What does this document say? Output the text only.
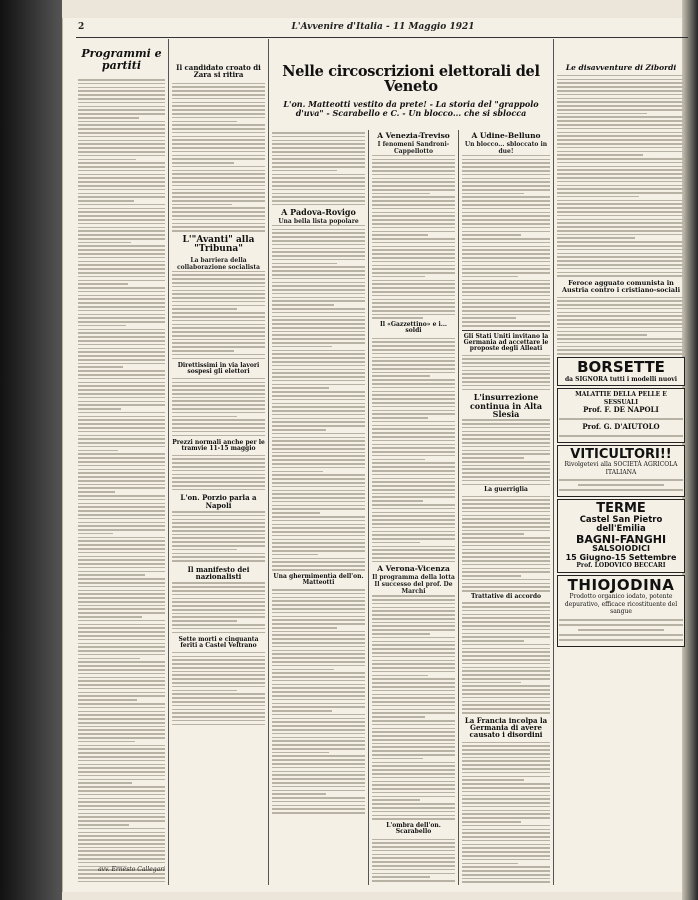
2	L'Avvenire d'Italia - 11 Maggio 1921
Programmi e partiti	Il candidato croato di Zara si ritira
L'"Avanti" alla "Tribuna"
La barriera della collaborazione socialista
Direttissimi in via lavori sospesi gli elettori
Prezzi normali anche per le tramvie 11-15 maggio
L'on. Porzio parla a Napoli
Il manifesto dei nazionalisti
Sette morti e cinquanta feriti a Castel Veltrano
Nelle circoscrizioni elettorali del Veneto
L'on. Matteotti vestito da prete! - La storia del "grappolo d'uva" - Scarabello e C. - Un blocco... che si sblocca
A Padova-Rovigo
Una bella lista popolare
Una ghermimentìa dell'on. Matteotti
A Venezia-Treviso
I fenomeni Sandroni-Cappellotto
Il «Gazzettino» e i... soldi
A Verona-Vicenza
Il programma della lotta
Il successo del prof. De Marchi
L'ombra dell'on. Scarabello
A Udine-Belluno
Un blocco... sbloccato in due!
Gli Stati Uniti invitano la Germania ad accettare le proposte degli Alleati
L'insurrezione continua in Alta Slesia
La guerriglia
Trattative di accordo
La Francia incolpa la Germania di avere causato i disordini
Le disavventure di Zibordi
Feroce agguato comunista in Austria contro i cristiano-sociali
BORSETTE
da SIGNORA tutti i modelli nuovi
MALATTIE DELLA PELLE E SESSUALI
Prof. F. DE NAPOLI
Prof. G. D'AIUTOLO
VITICULTORI!!
Rivolgetevi alla SOCIETÀ AGRICOLA ITALIANA
TERME
Castel San Pietro dell'Emilia
BAGNI-FANGHI
SALSOIODICI
15 Giugno-15 Settembre
Prof. LODOVICO BECCARI
THIOJODINA
Prodotto organico iodato, potente depurativo, efficace ricostituente del sangue
avv. Ernesto Callegari
